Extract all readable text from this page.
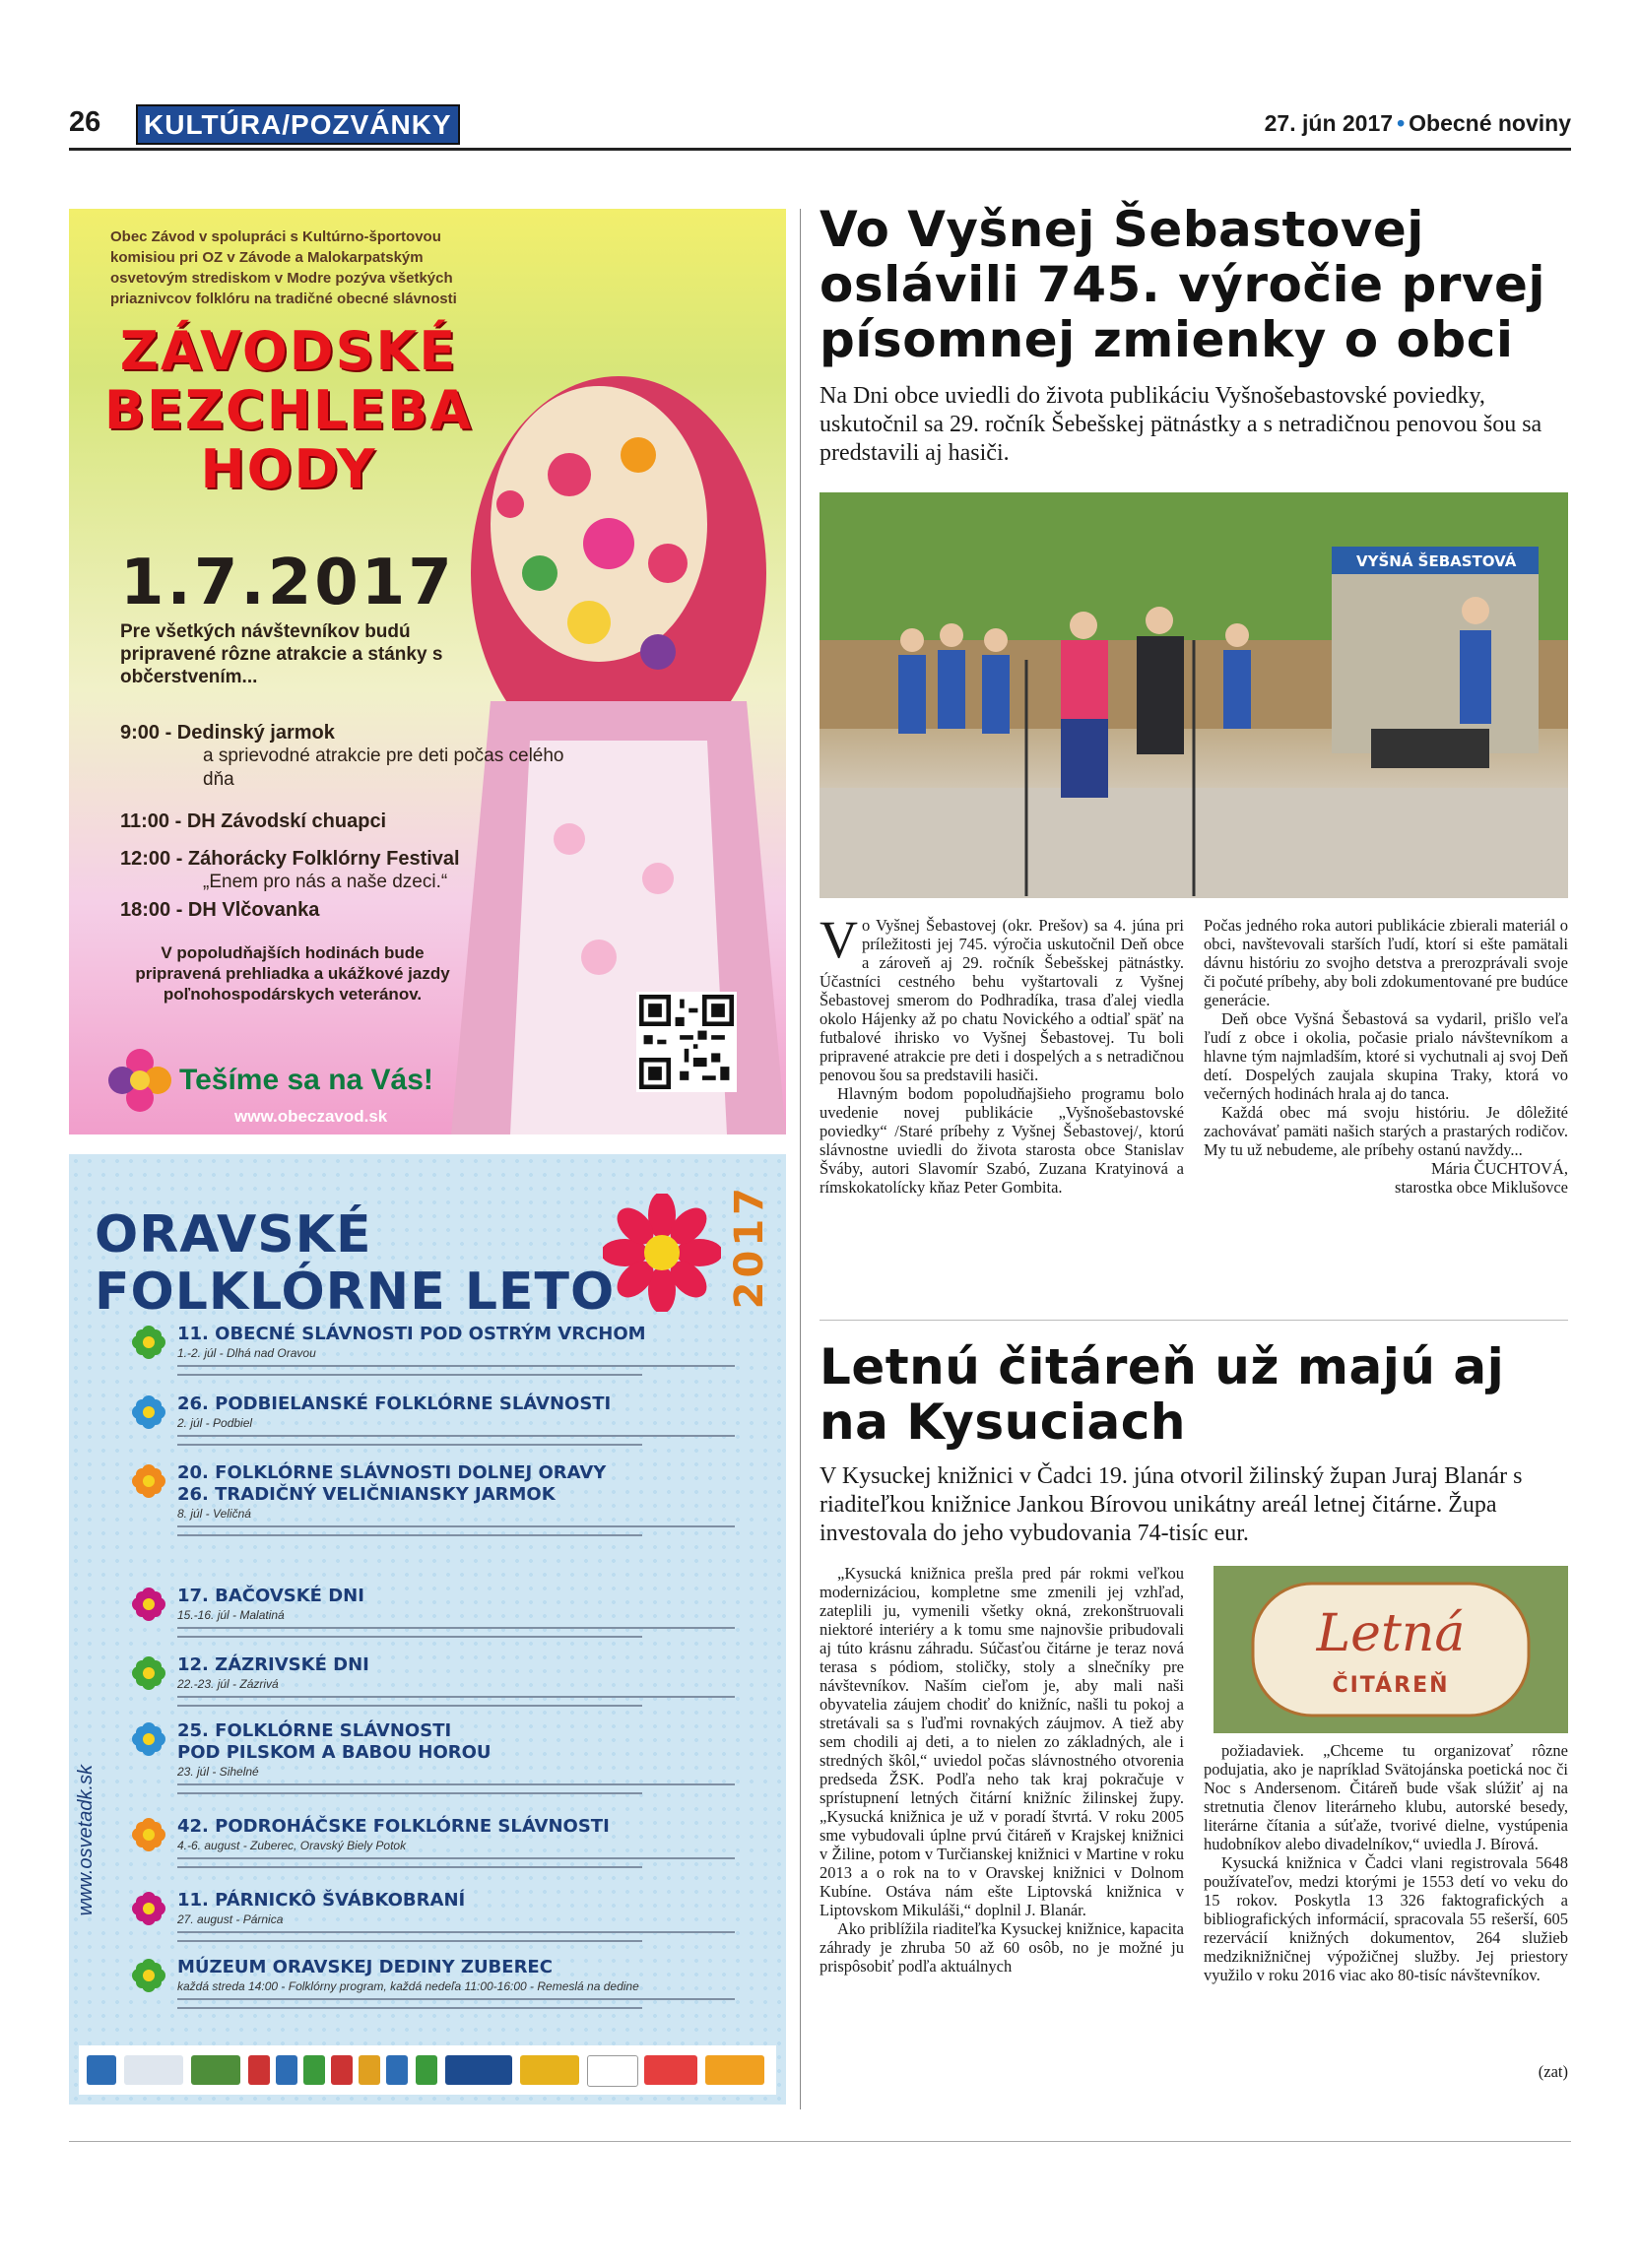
26 KULTÚRA/POZVÁNKY	27. jún 2017 • Obecné noviny
Obec Závod v spolupráci s Kultúrno-športovou komisiou pri OZ v Závode a Malokarpatským osvetovým strediskom v Modre pozýva všetkých priaznivcov folklóru na tradičné obecné slávnosti
ZÁVODSKÉ
BEZCHLEBA
HODY
1.7.2017
Pre všetkých návštevníkov budú pripravené rôzne atrakcie a stánky s občerstvením...
9:00 - Dedinský jarmok
a sprievodné atrakcie pre deti počas celého dňa
11:00 - DH Závodskí chuapci
12:00 - Záhorácky Folklórny Festival
„Enem pro nás a naše dzeci.“
18:00 - DH Vlčovanka
V popoludňajších hodinách bude pripravená prehliadka a ukážkové jazdy poľnohospodárskych veteránov.
Tešíme sa na Vás!
www.obeczavod.sk
ORAVSKÉ
FOLKLÓRNE LETO	2017
www.osvetadk.sk
11. OBECNÉ SLÁVNOSTI POD OSTRÝM VRCHOM
1.-2. júl - Dlhá nad Oravou
26. PODBIELANSKÉ FOLKLÓRNE SLÁVNOSTI
2. júl - Podbiel
20. FOLKLÓRNE SLÁVNOSTI DOLNEJ ORAVY
26. TRADIČNÝ VELIČNIANSKY JARMOK
8. júl - Veličná
17. BAČOVSKÉ DNI
15.-16. júl - Malatiná
12. ZÁZRIVSKÉ DNI
22.-23. júl - Zázrivá
25. FOLKLÓRNE SLÁVNOSTI
POD PILSKOM A BABOU HOROU
23. júl - Sihelné
42. PODROHÁČSKE FOLKLÓRNE SLÁVNOSTI
4.-6. august - Zuberec, Oravský Biely Potok
11. PÁRNICKÔ ŠVÁBKOBRANÍ
27. august - Párnica
MÚZEUM ORAVSKEJ DEDINY ZUBEREC
každá streda 14:00 - Folklórny program, každá nedeľa 11:00-16:00 - Remeslá na dedine
Vo Vyšnej Šebastovej oslávili 745. výročie prvej písomnej zmienky o obci
Na Dni obce uviedli do života publikáciu Vyšnošebastovské poviedky, uskutočnil sa 29. ročník Šebešskej pätnástky a s netradičnou penovou šou sa predstavili aj hasiči.
VYŠNÁ ŠEBASTOVÁ

Vo Vyšnej Šebastovej (okr. Prešov) sa 4. júna pri príležitosti jej 745. výročia uskutočnil Deň obce a zároveň aj 29. ročník Šebešskej pätnástky. Účastníci cestného behu vyštartovali z Vyšnej Šebastovej smerom do Podhradíka, trasa ďalej viedla okolo Hájenky až po chatu Novického a odtiaľ späť na futbalové ihrisko vo Vyšnej Šebastovej. Tu boli pripravené atrakcie pre deti i dospelých a s netradičnou penovou šou sa predstavili hasiči.

Hlavným bodom popoludňajšieho programu bolo uvedenie novej publikácie „Vyšnošebastovské poviedky“ /Staré príbehy z Vyšnej Šebastovej/, ktorú slávnostne uviedli do života starosta obce Stanislav Šváby, autori Slavomír Szabó, Zuzana Kratyinová a rímskokatolícky kňaz Peter Gombita.

Počas jedného roka autori publikácie zbierali materiál o obci, navštevovali starších ľudí, ktorí si ešte pamätali dávnu históriu zo svojho detstva a prerozprávali svoje či počuté príbehy, aby boli zdokumentované pre budúce generácie.

Deň obce Vyšná Šebastová sa vydaril, prišlo veľa ľudí z obce i okolia, počasie prialo návštevníkom a hlavne tým najmladším, ktoré si vychutnali aj svoj Deň detí. Dospelých zaujala skupina Traky, ktorá vo večerných hodinách hrala aj do tanca.

Každá obec má svoju históriu. Je dôležité zachovávať pamäti našich starých a prastarých rodičov. My tu už nebudeme, ale príbehy ostanú navždy...

Mária ČUCHTOVÁ,
starostka obce Miklušovce
Letnú čitáreň už majú aj na Kysuciach
V Kysuckej knižnici v Čadci 19. júna otvoril žilinský župan Juraj Blanár s riaditeľkou knižnice Jankou Bírovou unikátny areál letnej čitárne. Župa investovala do jeho vybudovania 74-tisíc eur.

„Kysucká knižnica prešla pred pár rokmi veľkou modernizáciou, kompletne sme zmenili jej vzhľad, zateplili ju, vymenili všetky okná, zrekonštruovali niektoré interiéry a k tomu sme najnovšie pribudovali aj túto krásnu záhradu. Súčasťou čitárne je teraz nová terasa s pódiom, stoličky, stoly a slnečníky pre návštevníkov. Naším cieľom je, aby mali naši obyvatelia záujem chodiť do knižníc, našli tu pokoj a stretávali sa s ľuďmi rovnakých záujmov. A tiež aby sem chodili aj deti, a to nielen zo základných, ale i stredných škôl,“ uviedol počas slávnostného otvorenia predseda ŽSK. Podľa neho tak kraj pokračuje v sprístupnení letných čitární knižníc žilinskej župy. „Kysucká knižnica je už v poradí štvrtá. V roku 2005 sme vybudovali úplne prvú čitáreň v Krajskej knižnici v Žiline, potom v Turčianskej knižnici v Martine v roku 2013 a o rok na to v Oravskej knižnici v Dolnom Kubíne. Ostáva nám ešte Liptovská knižnica v Liptovskom Mikuláši,“ doplnil J. Blanár.

Ako priblížila riaditeľka Kysuckej knižnice, kapacita záhrady je zhruba 50 až 60 osôb, no je možné ju prispôsobiť podľa aktuálnych

Letná
ČITÁREŇ

požiadaviek. „Chceme tu organizovať rôzne podujatia, ako je napríklad Svätojánska poetická noc či Noc s Andersenom. Čitáreň bude však slúžiť aj na stretnutia členov literárneho klubu, autorské besedy, literárne čítania a súťaže, tvorivé dielne, vystúpenia hudobníkov alebo divadelníkov,“ uviedla J. Bírová.

Kysucká knižnica v Čadci vlani registrovala 5648 používateľov, medzi ktorými je 1553 detí vo veku do 15 rokov. Poskytla 13 326 faktografických a bibliografických informácií, spracovala 55 rešerší, 605 rezervácií knižných dokumentov, 264 služieb medziknižničnej výpožičnej služby. Jej priestory využilo v roku 2016 viac ako 80-tisíc návštevníkov.

(zat)
